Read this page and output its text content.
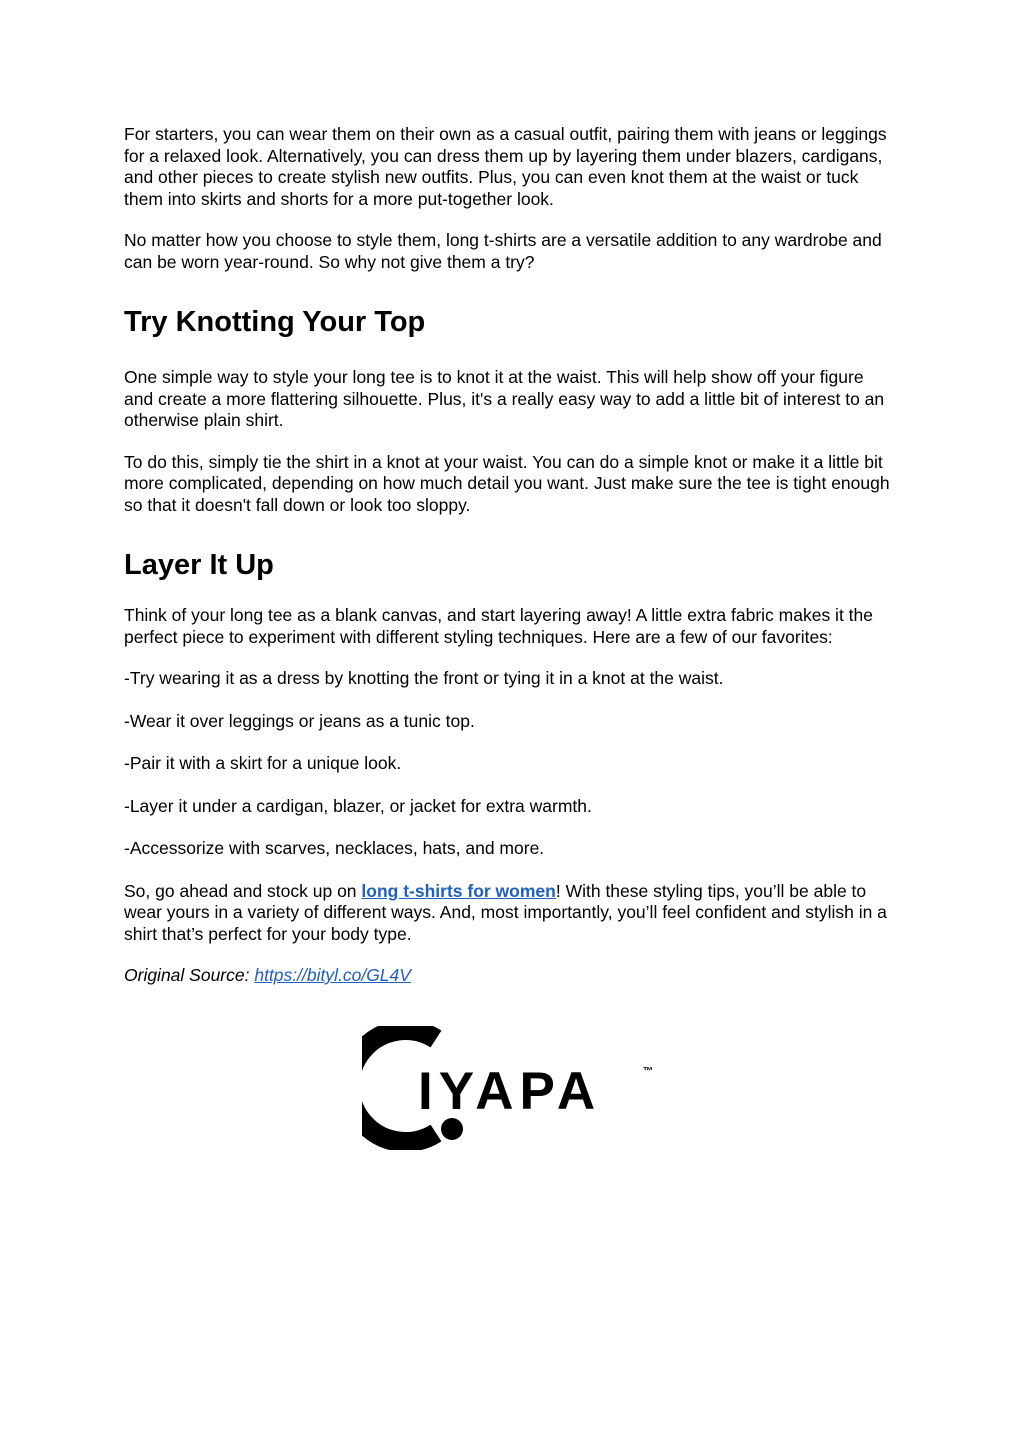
For starters, you can wear them on their own as a casual outfit, pairing them with jeans or leggings for a relaxed look. Alternatively, you can dress them up by layering them under blazers, cardigans, and other pieces to create stylish new outfits. Plus, you can even knot them at the waist or tuck them into skirts and shorts for a more put-together look.

No matter how you choose to style them, long t-shirts are a versatile addition to any wardrobe and can be worn year-round. So why not give them a try?

Try Knotting Your Top

One simple way to style your long tee is to knot it at the waist. This will help show off your figure and create a more flattering silhouette. Plus, it's a really easy way to add a little bit of interest to an otherwise plain shirt.

To do this, simply tie the shirt in a knot at your waist. You can do a simple knot or make it a little bit more complicated, depending on how much detail you want. Just make sure the tee is tight enough so that it doesn't fall down or look too sloppy.

Layer It Up

Think of your long tee as a blank canvas, and start layering away! A little extra fabric makes it the perfect piece to experiment with different styling techniques. Here are a few of our favorites:

-Try wearing it as a dress by knotting the front or tying it in a knot at the waist.

-Wear it over leggings or jeans as a tunic top.

-Pair it with a skirt for a unique look.

-Layer it under a cardigan, blazer, or jacket for extra warmth.

-Accessorize with scarves, necklaces, hats, and more.

So, go ahead and stock up on long t-shirts for women! With these styling tips, you’ll be able to wear yours in a variety of different ways. And, most importantly, you’ll feel confident and stylish in a shirt that’s perfect for your body type.

Original Source: https://bityl.co/GL4V

IYAPA	™
